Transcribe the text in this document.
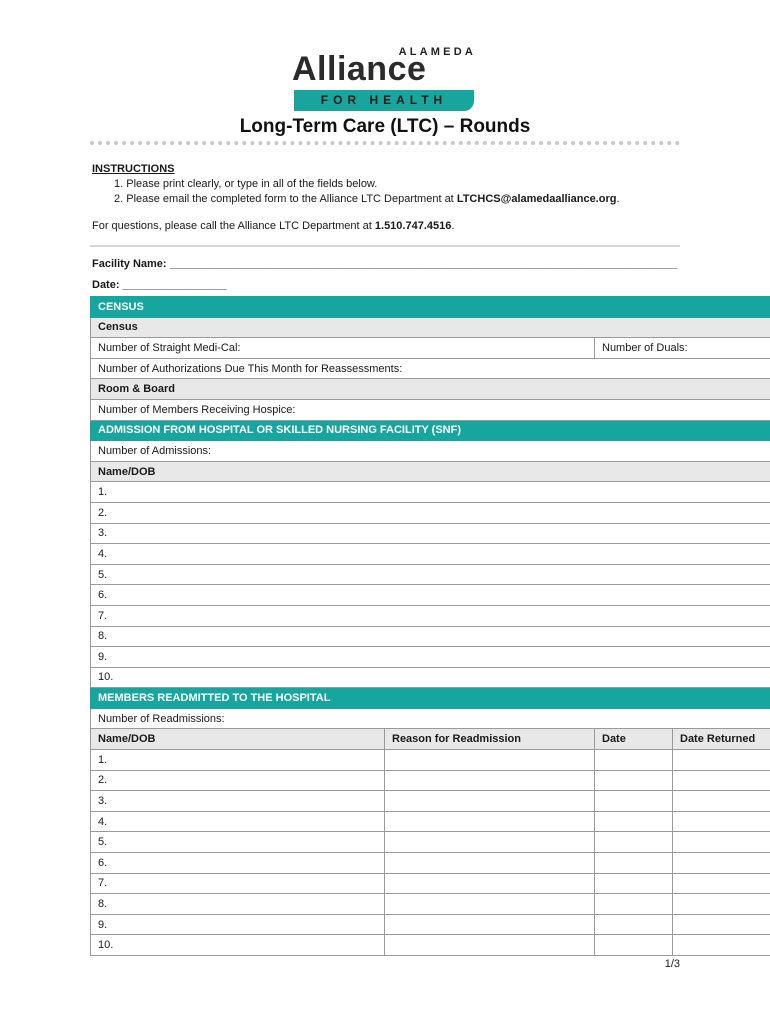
ALAMEDA
Alliance
FOR HEALTH
Long-Term Care (LTC) – Rounds
INSTRUCTIONS
1. Please print clearly, or type in all of the fields below.
2. Please email the completed form to the Alliance LTC Department at LTCHCS@alamedaalliance.org.
For questions, please call the Alliance LTC Department at 1.510.747.4516.
Facility Name: ___________________________________________________________________________________
Date: _________________
CENSUS			
Census			
Number of Straight Medi-Cal:		Number of Duals:	
Number of Authorizations Due This Month for Reassessments:			
Room & Board			
Number of Members Receiving Hospice:			
ADMISSION FROM HOSPITAL OR SKILLED NURSING FACILITY (SNF)			
Number of Admissions:			
Name/DOB			
1.			
2.			
3.			
4.			
5.			
6.			
7.			
8.			
9.			
10.			
MEMBERS READMITTED TO THE HOSPITAL			
Number of Readmissions:			
Name/DOB	Reason for Readmission	Date	Date Returned
1.			
2.			
3.			
4.			
5.			
6.			
7.			
8.			
9.			
10.			
1/3
